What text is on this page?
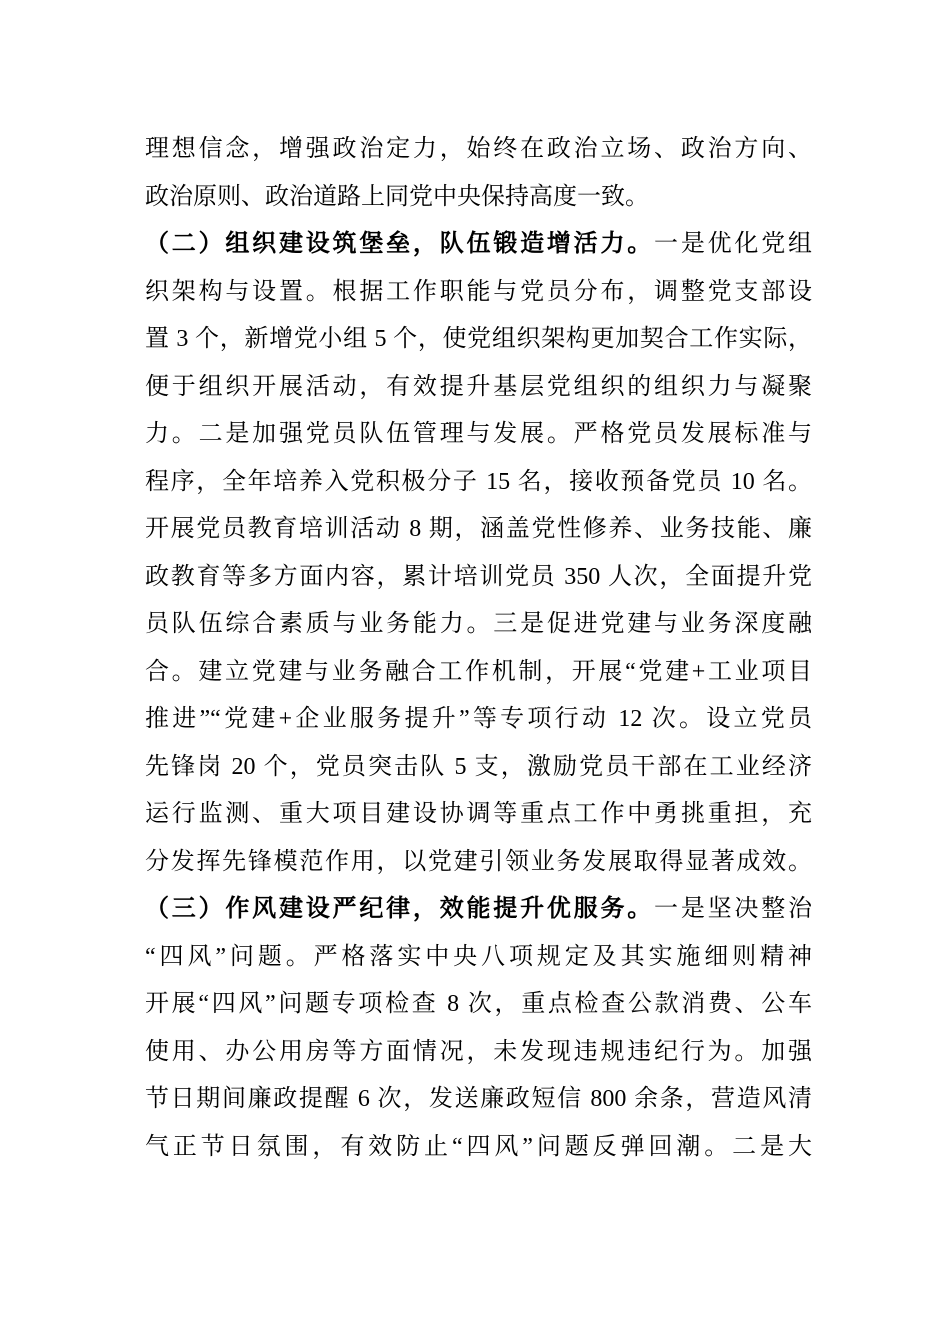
理想信念，增强政治定力，始终在政治立场、政治方向、
政治原则、政治道路上同党中央保持高度一致。
（二）组织建设筑堡垒，队伍锻造增活力。一是优化党组
织架构与设置。根据工作职能与党员分布，调整党支部设
置 3 个，新增党小组 5 个，使党组织架构更加契合工作实际，
便于组织开展活动，有效提升基层党组织的组织力与凝聚
力。二是加强党员队伍管理与发展。严格党员发展标准与
程序，全年培养入党积极分子 15 名，接收预备党员 10 名。
开展党员教育培训活动 8 期，涵盖党性修养、业务技能、廉
政教育等多方面内容，累计培训党员 350 人次，全面提升党
员队伍综合素质与业务能力。三是促进党建与业务深度融
合。建立党建与业务融合工作机制，开展“党建+工业项目
推进”“党建+企业服务提升”等专项行动 12 次。设立党员
先锋岗 20 个，党员突击队 5 支，激励党员干部在工业经济
运行监测、重大项目建设协调等重点工作中勇挑重担，充
分发挥先锋模范作用，以党建引领业务发展取得显著成效。
（三）作风建设严纪律，效能提升优服务。一是坚决整治
“四风”问题。严格落实中央八项规定及其实施细则精神
开展“四风”问题专项检查 8 次，重点检查公款消费、公车
使用、办公用房等方面情况，未发现违规违纪行为。加强
节日期间廉政提醒 6 次，发送廉政短信 800 余条，营造风清
气正节日氛围，有效防止“四风”问题反弹回潮。二是大
